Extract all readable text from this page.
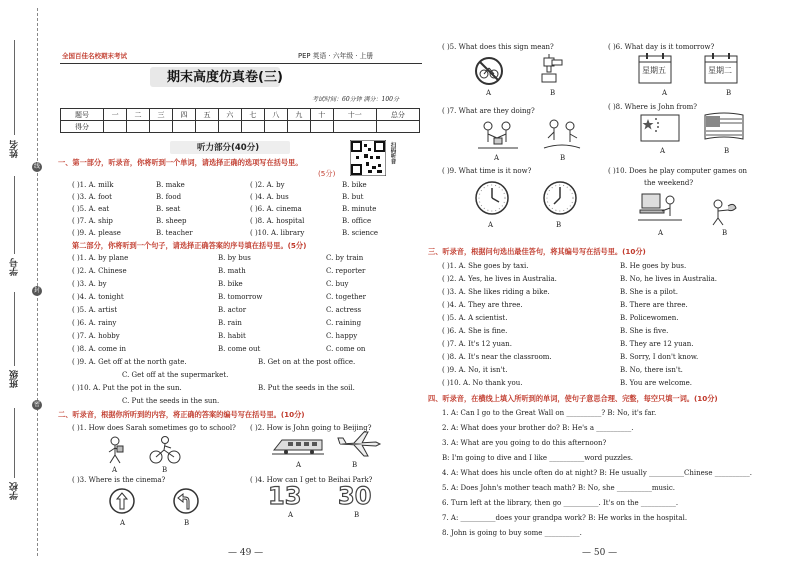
姓名
学号
班级
学校
线
封
密
全国百佳名校期末考试	PEP 英语 · 六年级 · 上册
期末高度仿真卷(三)
考试时间：60分钟 满分：100分
题号	一	二	三	四	五	六	七	八	九	十	十一	总分
得分												
听力部分(40分)	扫码听音
一、第一部分，听录音，你将听到一个单词，请选择正确的选项写在括号里。
(5分)
( )1. A. milk	B. make	( )2. A. by	B. bike
( )3. A. foot	B. food	( )4. A. bus	B. but
( )5. A. eat	B. seat	( )6. A. cinema	B. minute
( )7. A. ship	B. sheep	( )8. A. hospital	B. office
( )9. A. please	B. teacher	( )10. A. library	B. science
第二部分，你将听到一个句子，请选择正确答案的序号填在括号里。(5分)
( )1. A. by plane	B. by bus	C. by train
( )2. A. Chinese	B. math	C. reporter
( )3. A. by	B. bike	C. buy
( )4. A. tonight	B. tomorrow	C. together
( )5. A. artist	B. actor	C. actress
( )6. A. rainy	B. rain	C. raining
( )7. A. hobby	B. habit	C. happy
( )8. A. come in	B. come out	C. come on
( )9. A. Get off at the north gate.	B. Get on at the post office.
C. Get off at the supermarket.
( )10. A. Put the pot in the sun.	B. Put the seeds in the soil.
C. Put the seeds in the sun.
二、听录音，根据你所听到的内容，将正确的答案的编号写在括号里。(10分)
( )1. How does Sarah sometimes go to school? ( )2. How is John going to Beijing?
A	B
A	B
( )3. Where is the cinema?	( )4. How can I get to Beihai Park?
A	B
13 30
A	B
— 49 —
( )5. What does this sign mean?	( )6. What day is it tomorrow?
A	B
星期五	星期二
A	B
( )7. What are they doing?	( )8. Where is John from?
A	B
A	B
( )9. What time is it now?	( )10. Does he play computer games on
the weekend?
A	B
A	B
三、听录音，根据问句选出最佳答句，将其编号写在括号里。(10分)
( )1. A. She goes by taxi.	B. He goes by bus.
( )2. A. Yes, he lives in Australia.	B. No, he lives in Australia.
( )3. A. She likes riding a bike.	B. She is a pilot.
( )4. A. They are three.	B. There are three.
( )5. A. A scientist.	B. Policewomen.
( )6. A. She is fine.	B. She is five.
( )7. A. It's 12 yuan.	B. They are 12 yuan.
( )8. A. It's near the classroom.	B. Sorry, I don't know.
( )9. A. No, it isn't.	B. No, there isn't.
( )10. A. No thank you.	B. You are welcome.
四、听录音，在横线上填入所听到的单词，使句子意思合理、完整，每空只填一词。(10分)
1. A: Can I go to the Great Wall on __________? B: No, it's far.
2. A: What does your brother do? B: He's a __________.
3. A: What are you going to do this afternoon?
B: I'm going to dive and I like __________word puzzles.
4. A: What does his uncle often do at night? B: He usually __________Chinese __________.
5. A: Does John's mother teach math? B: No, she __________music.
6. Turn left at the library, then go __________. It's on the __________.
7. A: __________does your grandpa work? B: He works in the hospital.
8. John is going to buy some __________.
— 50 —
